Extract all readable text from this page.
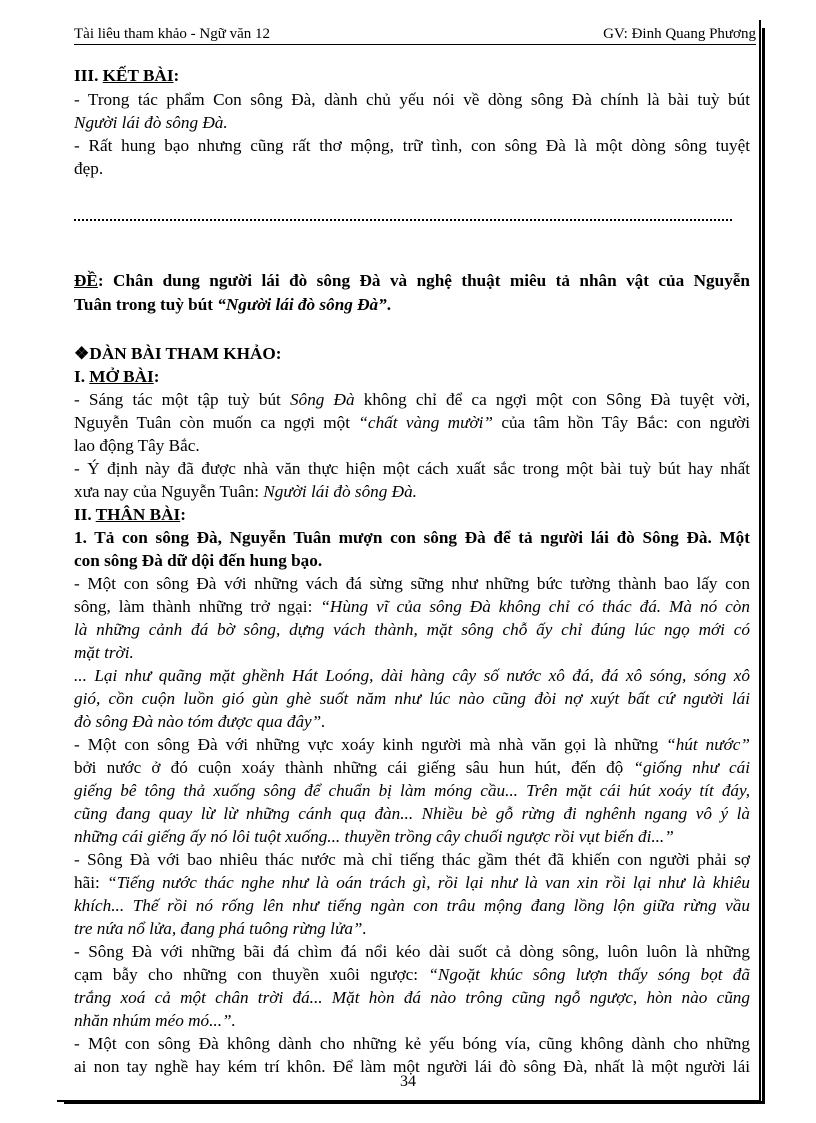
Tài liêu tham khảo - Ngữ văn 12	GV: Đinh Quang Phương
III. KẾT BÀI:
- Trong tác phẩm Con sông Đà, dành chủ yếu nói về dòng sông Đà chính là bài tuỳ bút
Người lái đò sông Đà.
- Rất hung bạo nhưng cũng rất thơ mộng, trữ tình, con sông Đà là một dòng sông tuyệt
đẹp.
ĐỀ: Chân dung người lái đò sông Đà và nghệ thuật miêu tả nhân vật của Nguyễn
Tuân trong tuỳ bút “Người lái đò sông Đà”.
❖DÀN BÀI THAM KHẢO:
I. MỞ BÀI:
- Sáng tác một tập tuỳ bút Sông Đà không chỉ để ca ngợi một con Sông Đà tuyệt vời,
Nguyễn Tuân còn muốn ca ngợi một “chất vàng mười” của tâm hồn Tây Bắc: con người
lao động Tây Bắc.
- Ý định này đã được nhà văn thực hiện một cách xuất sắc trong một bài tuỳ bút hay nhất
xưa nay của Nguyễn Tuân: Người lái đò sông Đà.
II. THÂN BÀI:
1. Tả con sông Đà, Nguyễn Tuân mượn con sông Đà để tả người lái đò Sông Đà. Một
con sông Đà dữ dội đến hung bạo.
- Một con sông Đà với những vách đá sừng sững như những bức tường thành bao lấy con
sông, làm thành những trở ngại: “Hùng vĩ của sông Đà không chỉ có thác đá. Mà nó còn
là những cảnh đá bờ sông, dựng vách thành, mặt sông chỗ ấy chỉ đúng lúc ngọ mới có
mặt trời.
... Lại như quãng mặt ghềnh Hát Loóng, dài hàng cây số nước xô đá, đá xô sóng, sóng xô
gió, cồn cuộn luồn gió gùn ghè suốt năm như lúc nào cũng đòi nợ xuýt bất cứ người lái
đò sông Đà nào tóm được qua đây”.
- Một con sông Đà với những vực xoáy kinh người mà nhà văn gọi là những “hút nước”
bởi nước ở đó cuộn xoáy thành những cái giếng sâu hun hút, đến độ “giống như cái
giếng bê tông thả xuống sông để chuẩn bị làm móng cầu... Trên mặt cái hút xoáy tít đáy,
cũng đang quay lừ lừ những cánh quạ đàn... Nhiều bè gỗ rừng đi nghênh ngang vô ý là
những cái giếng ấy nó lôi tuột xuống... thuyền trồng cây chuối ngược rồi vụt biến đi...”
- Sông Đà với bao nhiêu thác nước mà chỉ tiếng thác gầm thét đã khiến con người phải sợ
hãi: “Tiếng nước thác nghe như là oán trách gì, rồi lại như là van xin rồi lại như là khiêu
khích... Thế rồi nó rống lên như tiếng ngàn con trâu mộng đang lồng lộn giữa rừng vầu
tre nứa nổ lửa, đang phá tuông rừng lửa”.
- Sông Đà với những bãi đá chìm đá nổi kéo dài suốt cả dòng sông, luôn luôn là những
cạm bẫy cho những con thuyền xuôi ngược: “Ngoặt khúc sông lượn thấy sóng bọt đã
trắng xoá cả một chân trời đá... Mặt hòn đá nào trông cũng ngỗ ngược, hòn nào cũng
nhăn nhúm méo mó...”.
- Một con sông Đà không dành cho những kẻ yếu bóng vía, cũng không dành cho những
ai non tay nghề hay kém trí khôn. Để làm một người lái đò sông Đà, nhất là một người lái
34
